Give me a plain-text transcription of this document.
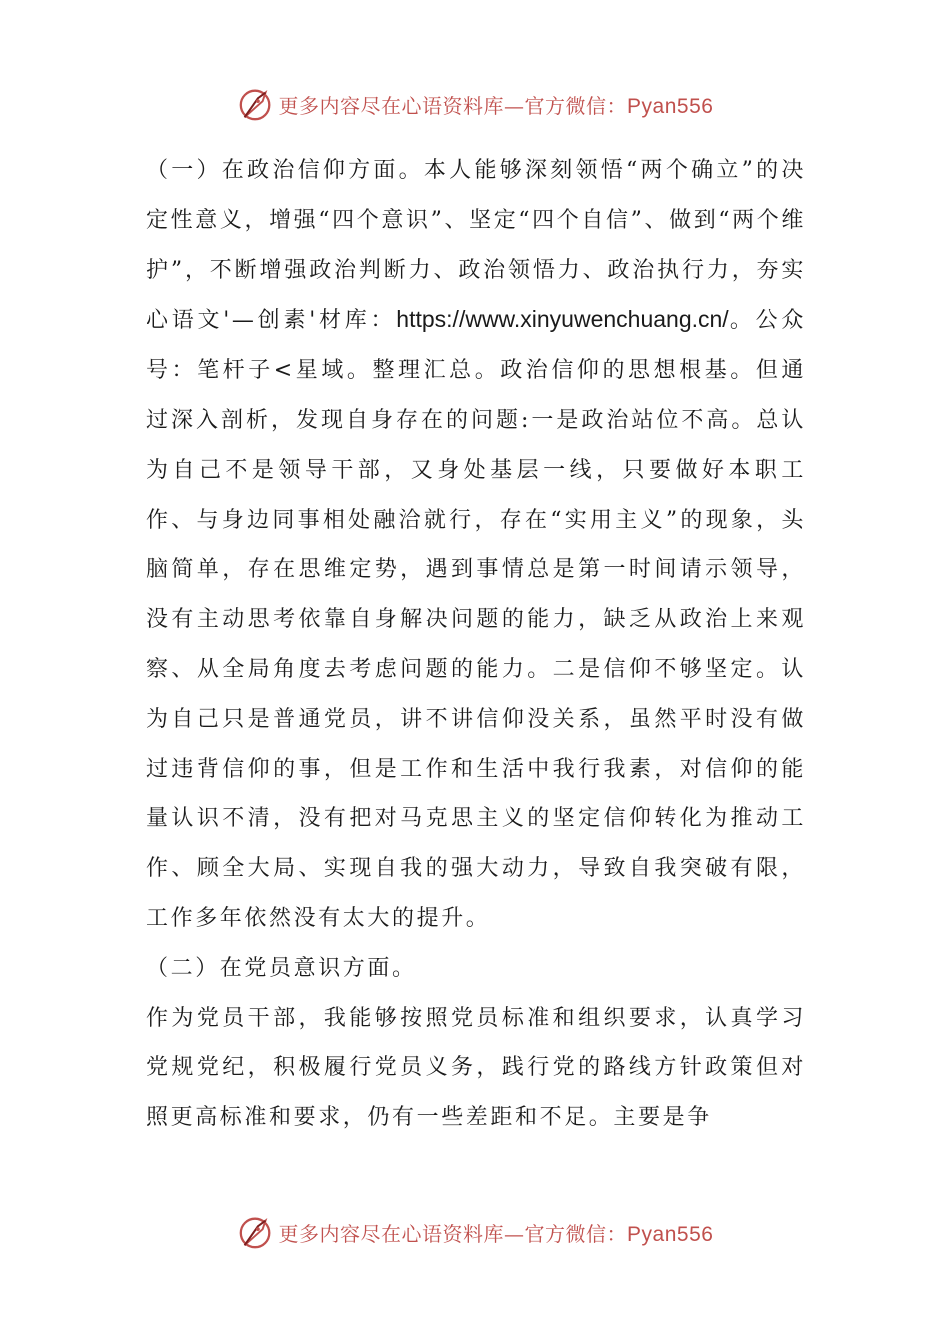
更多内容尽在心语资料库—官方微信：Pyan556

（一）在政治信仰方面。本人能够深刻领悟“两个确立”的决定性意义，增强“四个意识”、坚定“四个自信”、做到“两个维护”，不断增强政治判断力、政治领悟力、政治执行力，夯实心语文'—创素'材库：https://www.xinyuwenchuang.cn/。公众号：笔杆子<星域。整理汇总。政治信仰的思想根基。但通过深入剖析，发现自身存在的问题:一是政治站位不高。总认为自己不是领导干部，又身处基层一线，只要做好本职工作、与身边同事相处融洽就行，存在“实用主义”的现象，头脑简单，存在思维定势，遇到事情总是第一时间请示领导，没有主动思考依靠自身解决问题的能力，缺乏从政治上来观察、从全局角度去考虑问题的能力。二是信仰不够坚定。认为自己只是普通党员，讲不讲信仰没关系，虽然平时没有做过违背信仰的事，但是工作和生活中我行我素，对信仰的能量认识不清，没有把对马克思主义的坚定信仰转化为推动工作、顾全大局、实现自我的强大动力，导致自我突破有限，工作多年依然没有太大的提升。

（二）在党员意识方面。

作为党员干部，我能够按照党员标准和组织要求，认真学习党规党纪，积极履行党员义务，践行党的路线方针政策但对照更高标准和要求，仍有一些差距和不足。主要是争

更多内容尽在心语资料库—官方微信：Pyan556
